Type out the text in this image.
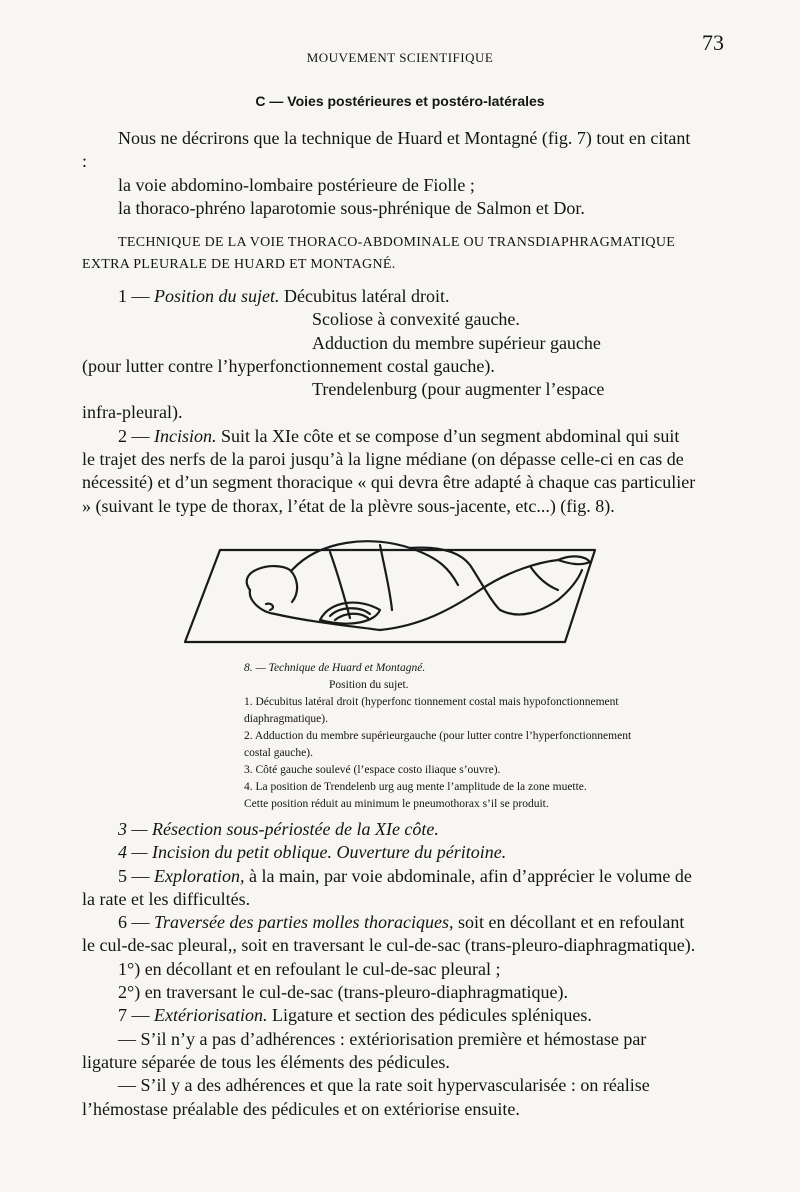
MOUVEMENT SCIENTIFIQUE
73
C — Voies postérieures et postéro-latérales

Nous ne décrirons que la technique de Huard et Montagné (fig. 7) tout en citant :

la voie abdomino-lombaire postérieure de Fiolle ;

la thoraco-phréno laparotomie sous-phrénique de Salmon et Dor.

TECHNIQUE DE LA VOIE THORACO-ABDOMINALE OU TRANSDIAPHRAGMATIQUE
EXTRA PLEURALE DE HUARD ET MONTAGNÉ.

1 — Position du sujet. Décubitus latéral droit.

Scoliose à convexité gauche.

Adduction du membre supérieur gauche

(pour lutter contre l’hyperfonctionnement costal gauche).

Trendelenburg (pour augmenter l’espace

infra-pleural).

2 — Incision. Suit la XIe côte et se compose d’un segment abdominal qui suit le trajet des nerfs de la paroi jusqu’à la ligne médiane (on dépasse celle-ci en cas de nécessité) et d’un segment thoracique « qui devra être adapté à chaque cas particulier » (suivant le type de thorax, l’état de la plèvre sous-jacente, etc...) (fig. 8).

8. — Technique de Huard et Montagné.

Position du sujet.

1. Décubitus latéral droit (hyperfonc tionnement costal mais hypofonctionnement diaphragmatique).

2. Adduction du membre supérieurgauche (pour lutter contre l’hyperfonctionnement costal gauche).

3. Côté gauche soulevé (l’espace costo iliaque s’ouvre).

4. La position de Trendelenb urg aug mente l’amplitude de la zone muette.

Cette position réduit au minimum le pneumothorax s’il se produit.

3 — Résection sous-périostée de la XIe côte.

4 — Incision du petit oblique. Ouverture du péritoine.

5 — Exploration, à la main, par voie abdominale, afin d’apprécier le volume de la rate et les difficultés.

6 — Traversée des parties molles thoraciques, soit en décollant et en refoulant le cul-de-sac pleural,, soit en traversant le cul-de-sac (trans-pleuro-diaphragmatique).

1°) en décollant et en refoulant le cul-de-sac pleural ;

2°) en traversant le cul-de-sac (trans-pleuro-diaphragmatique).

7 — Extériorisation. Ligature et section des pédicules spléniques.

— S’il n’y a pas d’adhérences : extériorisation première et hémostase par ligature séparée de tous les éléments des pédicules.

— S’il y a des adhérences et que la rate soit hypervascularisée : on réalise l’hémostase préalable des pédicules et on extériorise ensuite.
